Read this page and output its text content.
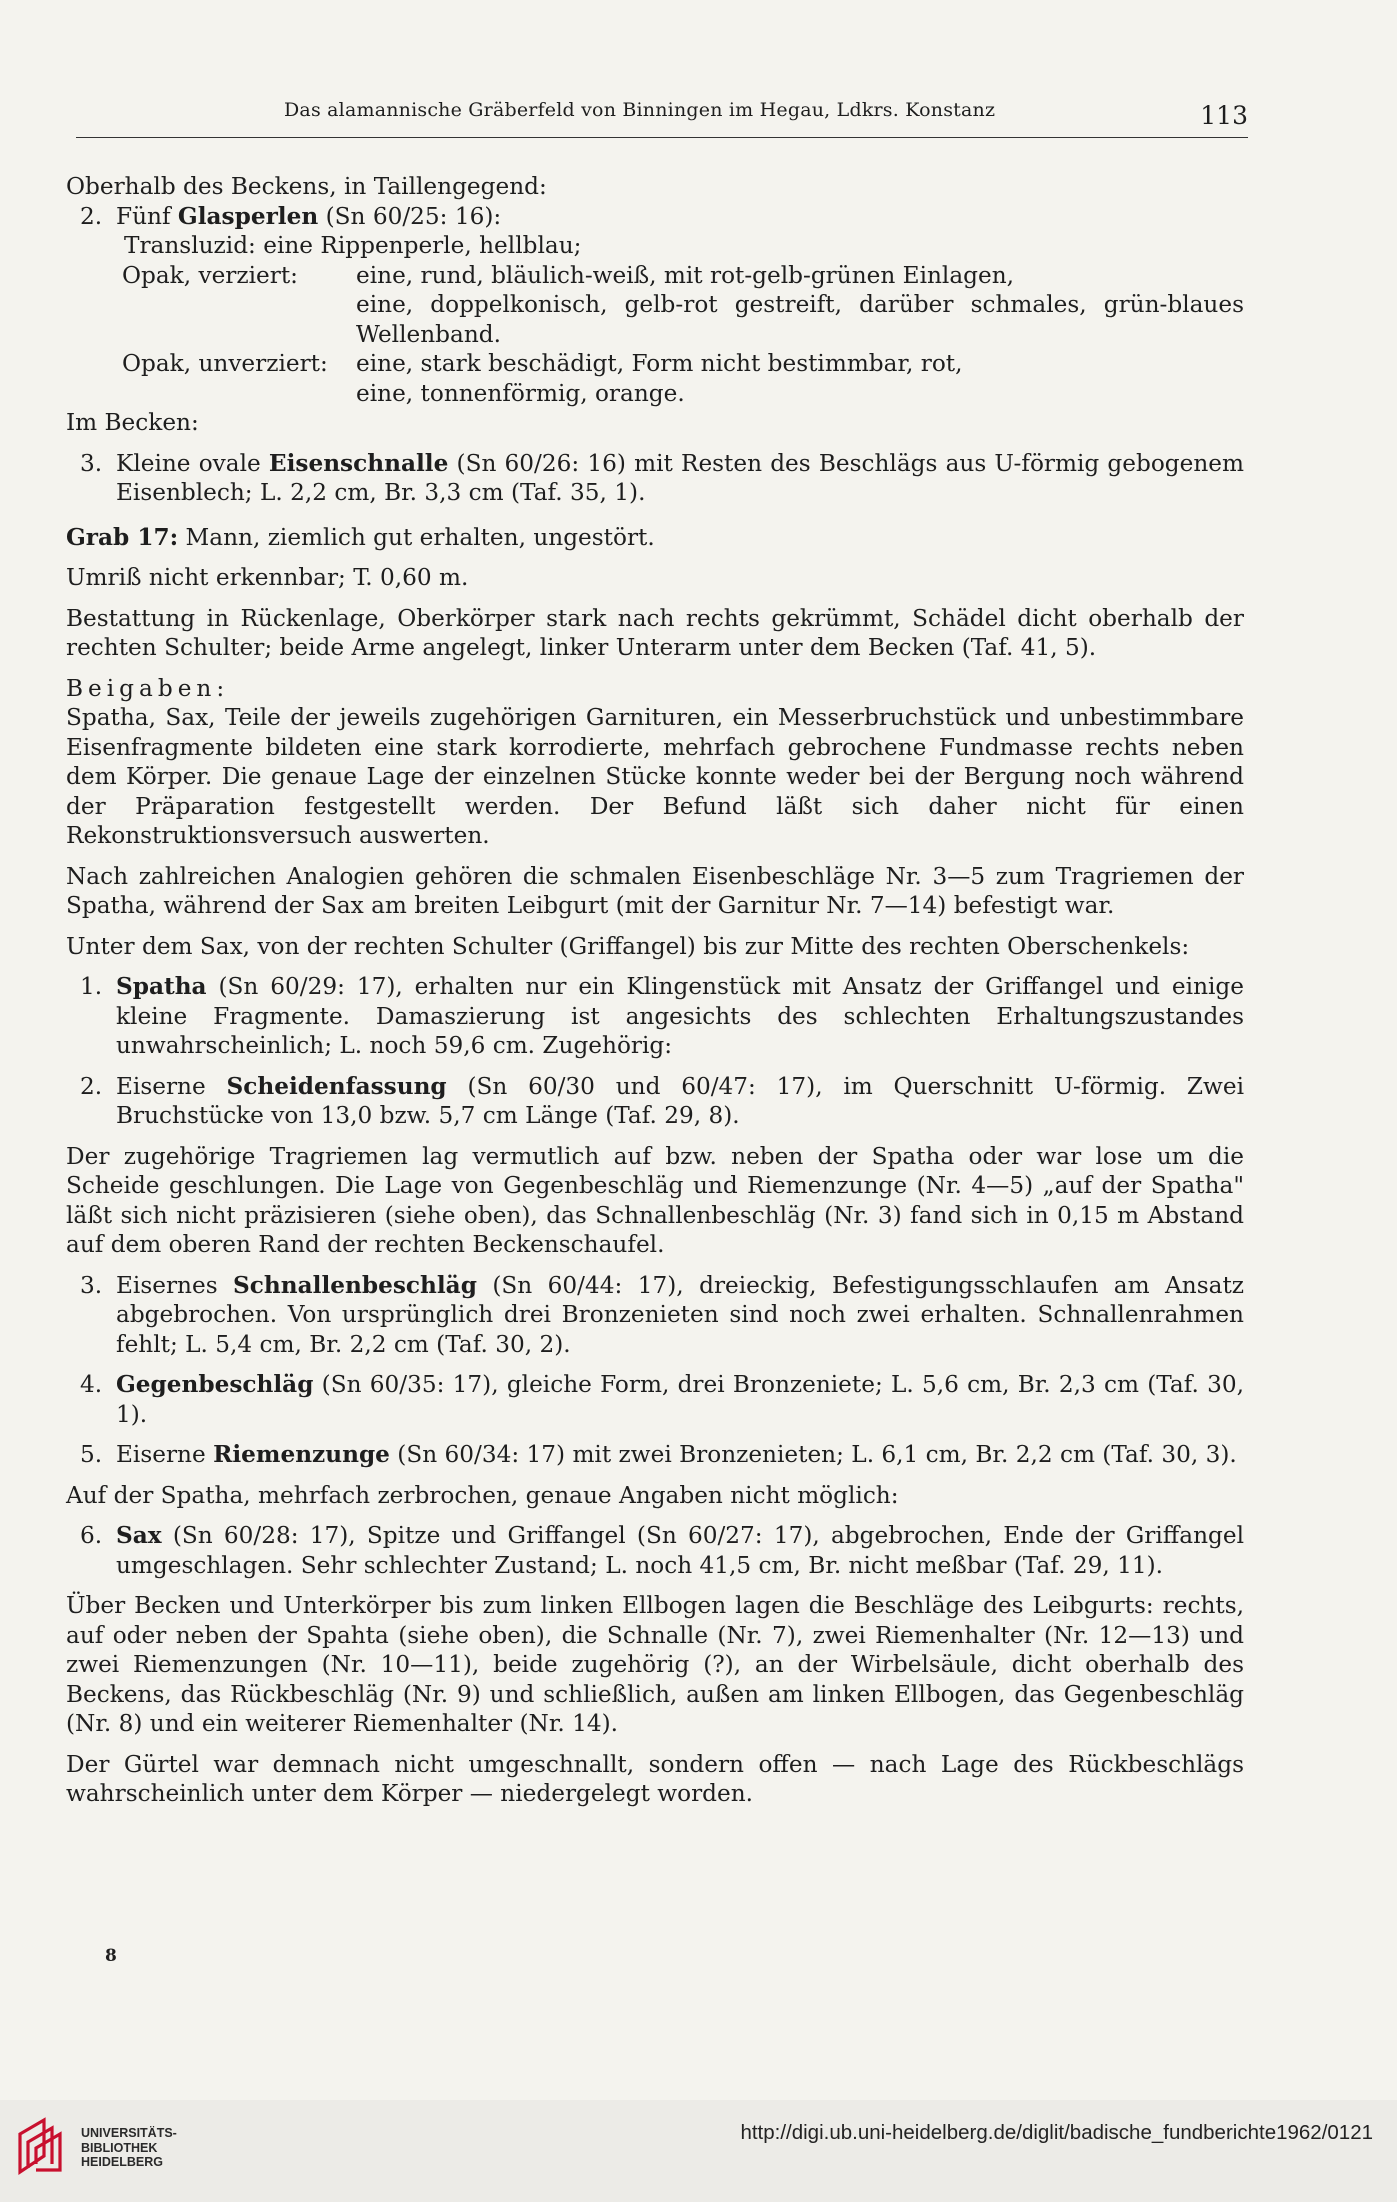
Das alamannische Gräberfeld von Binningen im Hegau, Ldkrs. Konstanz	113

Oberhalb des Beckens, in Taillengegend:

2. Fünf Glasperlen (Sn 60/25: 16):
Transluzid: eine Rippenperle, hellblau;
Opak, verziert:	eine, rund, bläulich-weiß, mit rot-gelb-grünen Einlagen,
eine, doppelkonisch, gelb-rot gestreift, darüber schmales, grün-blaues Wellenband.
Opak, unverziert:	eine, stark beschädigt, Form nicht bestimmbar, rot,
eine, tonnenförmig, orange.

Im Becken:

3. Kleine ovale Eisenschnalle (Sn 60/26: 16) mit Resten des Beschlägs aus U-förmig gebogenem Eisenblech; L. 2,2 cm, Br. 3,3 cm (Taf. 35, 1).

Grab 17: Mann, ziemlich gut erhalten, ungestört.

Umriß nicht erkennbar; T. 0,60 m.

Bestattung in Rückenlage, Oberkörper stark nach rechts gekrümmt, Schädel dicht oberhalb der rechten Schulter; beide Arme angelegt, linker Unterarm unter dem Becken (Taf. 41, 5).

Beigaben:

Spatha, Sax, Teile der jeweils zugehörigen Garnituren, ein Messerbruchstück und unbestimmbare Eisenfragmente bildeten eine stark korrodierte, mehrfach gebrochene Fundmasse rechts neben dem Körper. Die genaue Lage der einzelnen Stücke konnte weder bei der Bergung noch während der Präparation festgestellt werden. Der Befund läßt sich daher nicht für einen Rekonstruktionsversuch auswerten.

Nach zahlreichen Analogien gehören die schmalen Eisenbeschläge Nr. 3—5 zum Tragriemen der Spatha, während der Sax am breiten Leibgurt (mit der Garnitur Nr. 7—14) befestigt war.

Unter dem Sax, von der rechten Schulter (Griffangel) bis zur Mitte des rechten Oberschenkels:

1. Spatha (Sn 60/29: 17), erhalten nur ein Klingenstück mit Ansatz der Griffangel und einige kleine Fragmente. Damaszierung ist angesichts des schlechten Erhaltungszustandes unwahrscheinlich; L. noch 59,6 cm. Zugehörig:
2. Eiserne Scheidenfassung (Sn 60/30 und 60/47: 17), im Querschnitt U-förmig. Zwei Bruchstücke von 13,0 bzw. 5,7 cm Länge (Taf. 29, 8).

Der zugehörige Tragriemen lag vermutlich auf bzw. neben der Spatha oder war lose um die Scheide geschlungen. Die Lage von Gegenbeschläg und Riemenzunge (Nr. 4—5) „auf der Spatha" läßt sich nicht präzisieren (siehe oben), das Schnallenbeschläg (Nr. 3) fand sich in 0,15 m Abstand auf dem oberen Rand der rechten Beckenschaufel.

3. Eisernes Schnallenbeschläg (Sn 60/44: 17), dreieckig, Befestigungsschlaufen am Ansatz abgebrochen. Von ursprünglich drei Bronzenieten sind noch zwei erhalten. Schnallenrahmen fehlt; L. 5,4 cm, Br. 2,2 cm (Taf. 30, 2).
4. Gegenbeschläg (Sn 60/35: 17), gleiche Form, drei Bronzeniete; L. 5,6 cm, Br. 2,3 cm (Taf. 30, 1).
5. Eiserne Riemenzunge (Sn 60/34: 17) mit zwei Bronzenieten; L. 6,1 cm, Br. 2,2 cm (Taf. 30, 3).

Auf der Spatha, mehrfach zerbrochen, genaue Angaben nicht möglich:

6. Sax (Sn 60/28: 17), Spitze und Griffangel (Sn 60/27: 17), abgebrochen, Ende der Griffangel umgeschlagen. Sehr schlechter Zustand; L. noch 41,5 cm, Br. nicht meßbar (Taf. 29, 11).

Über Becken und Unterkörper bis zum linken Ellbogen lagen die Beschläge des Leibgurts: rechts, auf oder neben der Spahta (siehe oben), die Schnalle (Nr. 7), zwei Riemenhalter (Nr. 12—13) und zwei Riemenzungen (Nr. 10—11), beide zugehörig (?), an der Wirbelsäule, dicht oberhalb des Beckens, das Rückbeschläg (Nr. 9) und schließlich, außen am linken Ellbogen, das Gegenbeschläg (Nr. 8) und ein weiterer Riemenhalter (Nr. 14).

Der Gürtel war demnach nicht umgeschnallt, sondern offen — nach Lage des Rückbeschlägs wahrscheinlich unter dem Körper — niedergelegt worden.

8
UNIVERSITÄTS-
BIBLIOTHEK
HEIDELBERG
http://digi.ub.uni-heidelberg.de/diglit/badische_fundberichte1962/0121
